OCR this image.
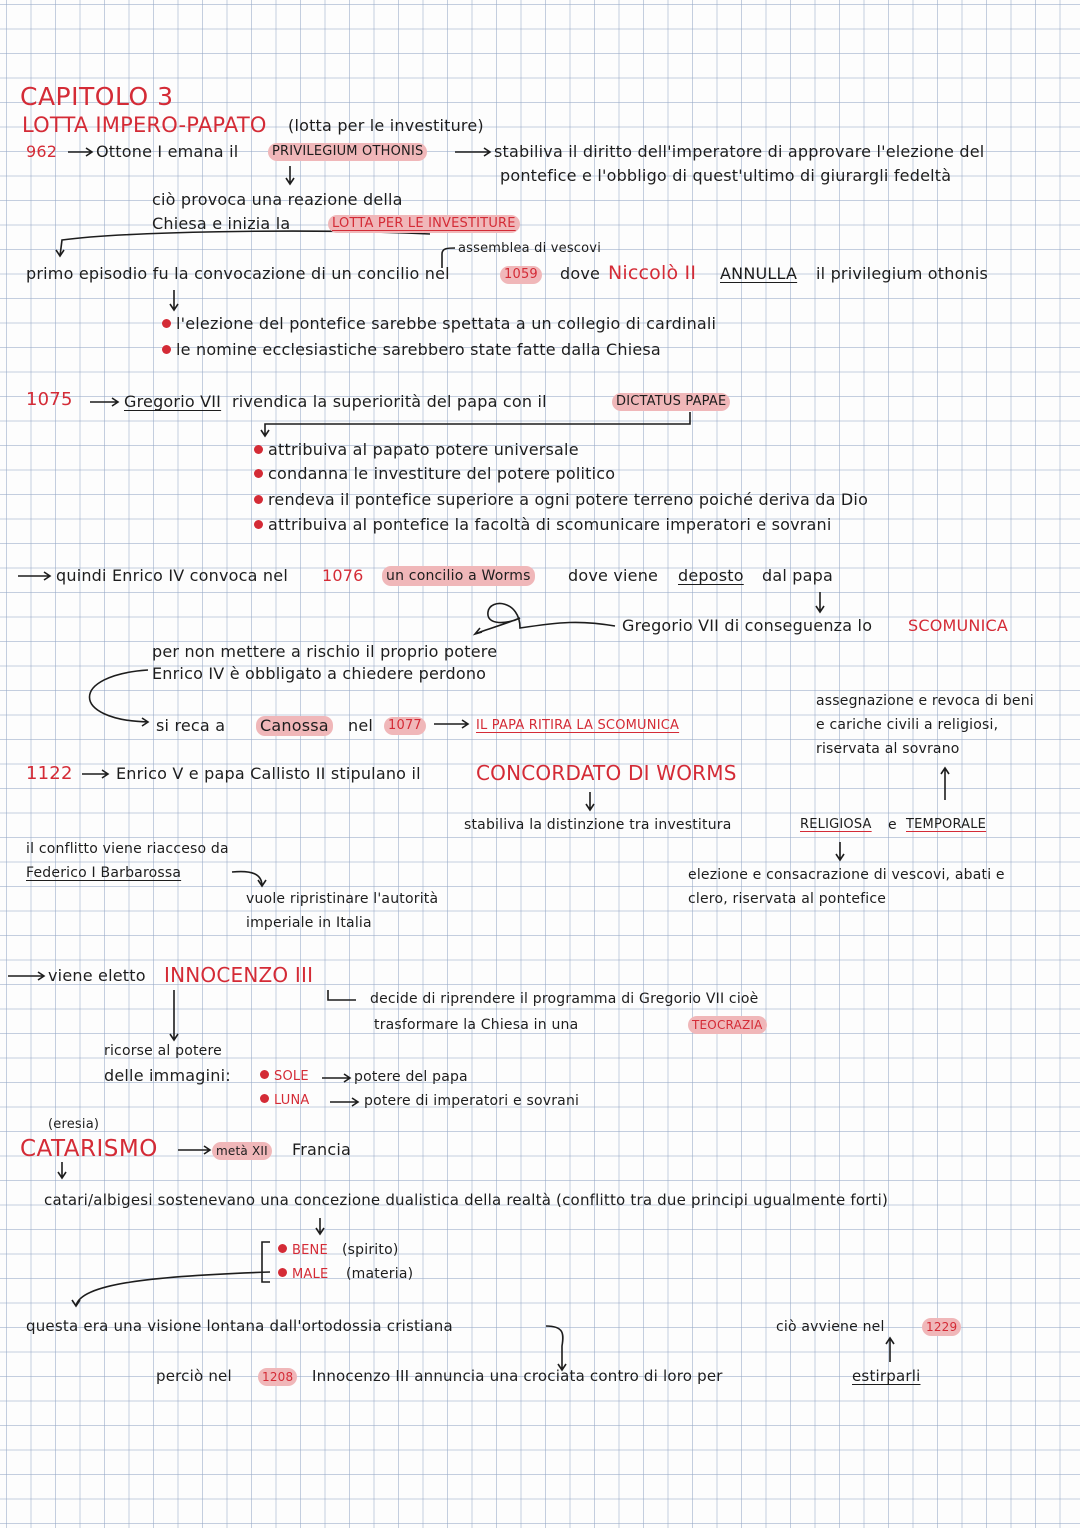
CAPITOLO 3
LOTTA IMPERO-PAPATO (lotta per le investiture)
962 Ottone I emana il	PRIVILEGIUM OTHONIS	stabiliva il diritto dell'imperatore di approvare l'elezione del
pontefice e l'obbligo di quest'ultimo di giurargli fedeltà
ciò provoca una reazione della
Chiesa e inizia la	LOTTA PER LE INVESTITURE
assemblea di vescovi
primo episodio fu la convocazione di un concilio nel	1059 dove Niccolò II ANNULLA il privilegium othonis
l'elezione del pontefice sarebbe spettata a un collegio di cardinali
le nomine ecclesiastiche sarebbero state fatte dalla Chiesa
1075	Gregorio VII rivendica la superiorità del papa con il	DICTATUS PAPAE
attribuiva al papato potere universale
condanna le investiture del potere politico
rendeva il pontefice superiore a ogni potere terreno poiché deriva da Dio
attribuiva al pontefice la facoltà di scomunicare imperatori e sovrani
quindi Enrico IV convoca nel 1076 un concilio a Worms dove viene deposto dal papa
Gregorio VII di conseguenza lo SCOMUNICA
per non mettere a rischio il proprio potere
Enrico IV è obbligato a chiedere perdono
si reca a Canossa nel	1077	IL PAPA RITIRA LA SCOMUNICA
assegnazione e revoca di beni
e cariche civili a religiosi,
riservata al sovrano
1122	Enrico V e papa Callisto II stipulano il	CONCORDATO DI WORMS
stabiliva la distinzione tra investitura	RELIGIOSA e TEMPORALE
elezione e consacrazione di vescovi, abati e
clero, riservata al pontefice
il conflitto viene riacceso da
Federico I Barbarossa
vuole ripristinare l'autorità
imperiale in Italia
viene eletto INNOCENZO III
decide di riprendere il programma di Gregorio VII cioè
trasformare la Chiesa in una	TEOCRAZIA
ricorse al potere
delle immagini:	SOLE	potere del papa
LUNA	potere di imperatori e sovrani
(eresia)
CATARISMO	metà XII Francia
catari/albigesi sostenevano una concezione dualistica della realtà (conflitto tra due principi ugualmente forti)
BENE (spirito)
MALE (materia)
questa era una visione lontana dall'ortodossia cristiana	ciò avviene nel	1229
perciò nel	1208 Innocenzo III annuncia una crociata contro di loro per	estirparli
